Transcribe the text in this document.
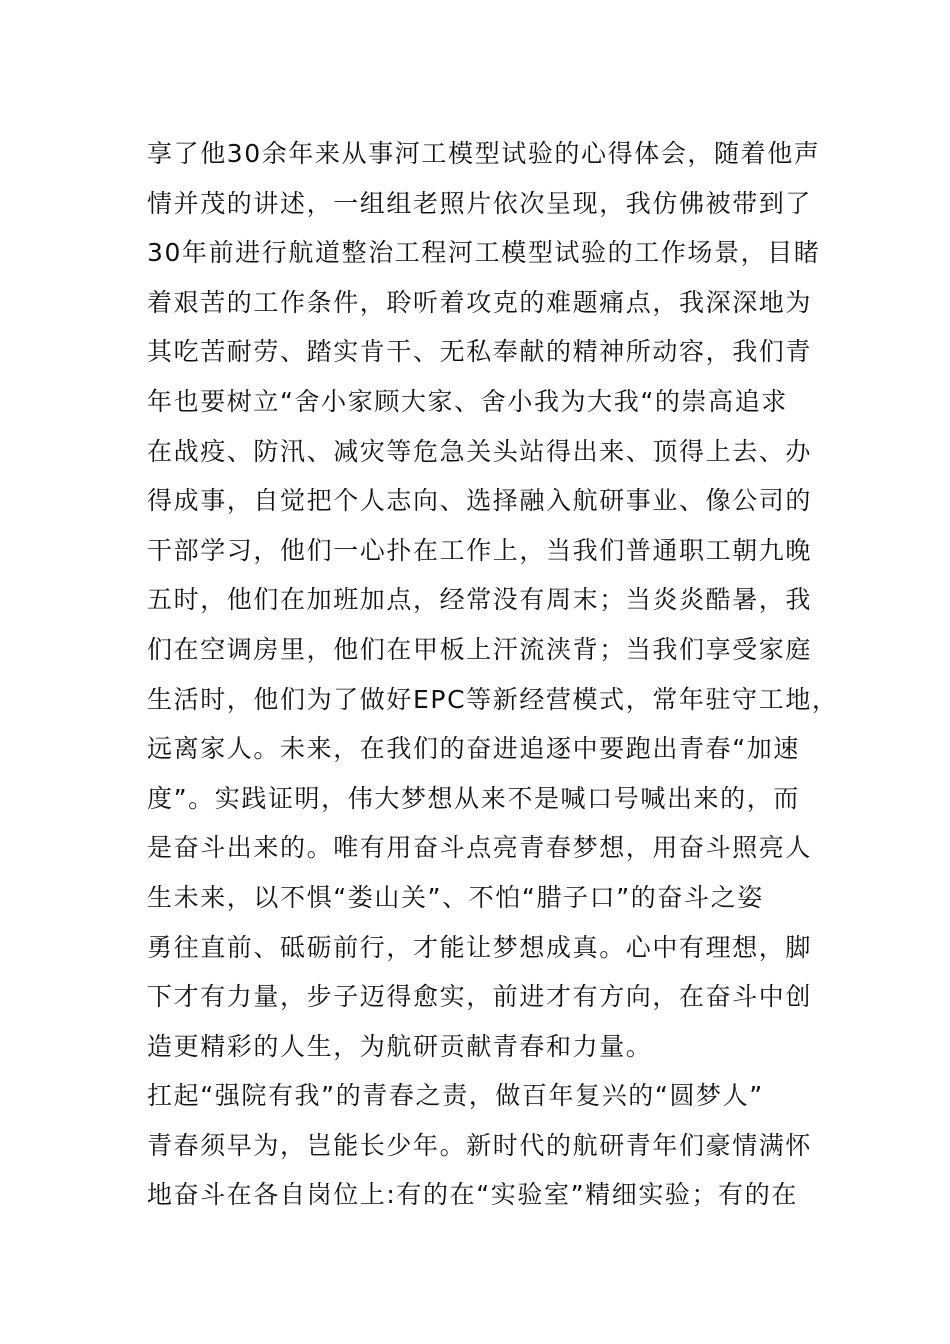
享了他30余年来从事河工模型试验的心得体会，随着他声
情并茂的讲述，一组组老照片依次呈现，我仿佛被带到了
30年前进行航道整治工程河工模型试验的工作场景，目睹
着艰苦的工作条件，聆听着攻克的难题痛点，我深深地为
其吃苦耐劳、踏实肯干、无私奉献的精神所动容，我们青
年也要树立“舍小家顾大家、舍小我为大我“的崇高追求
在战疫、防汛、减灾等危急关头站得出来、顶得上去、办
得成事，自觉把个人志向、选择融入航研事业、像公司的
干部学习，他们一心扑在工作上，当我们普通职工朝九晚
五时，他们在加班加点，经常没有周末；当炎炎酷暑，我
们在空调房里，他们在甲板上汗流浃背；当我们享受家庭
生活时，他们为了做好EPC等新经营模式，常年驻守工地，
远离家人。未来，在我们的奋进追逐中要跑出青春“加速
度”。实践证明，伟大梦想从来不是喊口号喊出来的，而
是奋斗出来的。唯有用奋斗点亮青春梦想，用奋斗照亮人
生未来，以不惧“娄山关”、不怕“腊子口”的奋斗之姿
勇往直前、砥砺前行，才能让梦想成真。心中有理想，脚
下才有力量，步子迈得愈实，前进才有方向，在奋斗中创
造更精彩的人生，为航研贡献青春和力量。
扛起“强院有我”的青春之责，做百年复兴的“圆梦人”
青春须早为，岂能长少年。新时代的航研青年们豪情满怀
地奋斗在各自岗位上:有的在“实验室”精细实验；有的在
